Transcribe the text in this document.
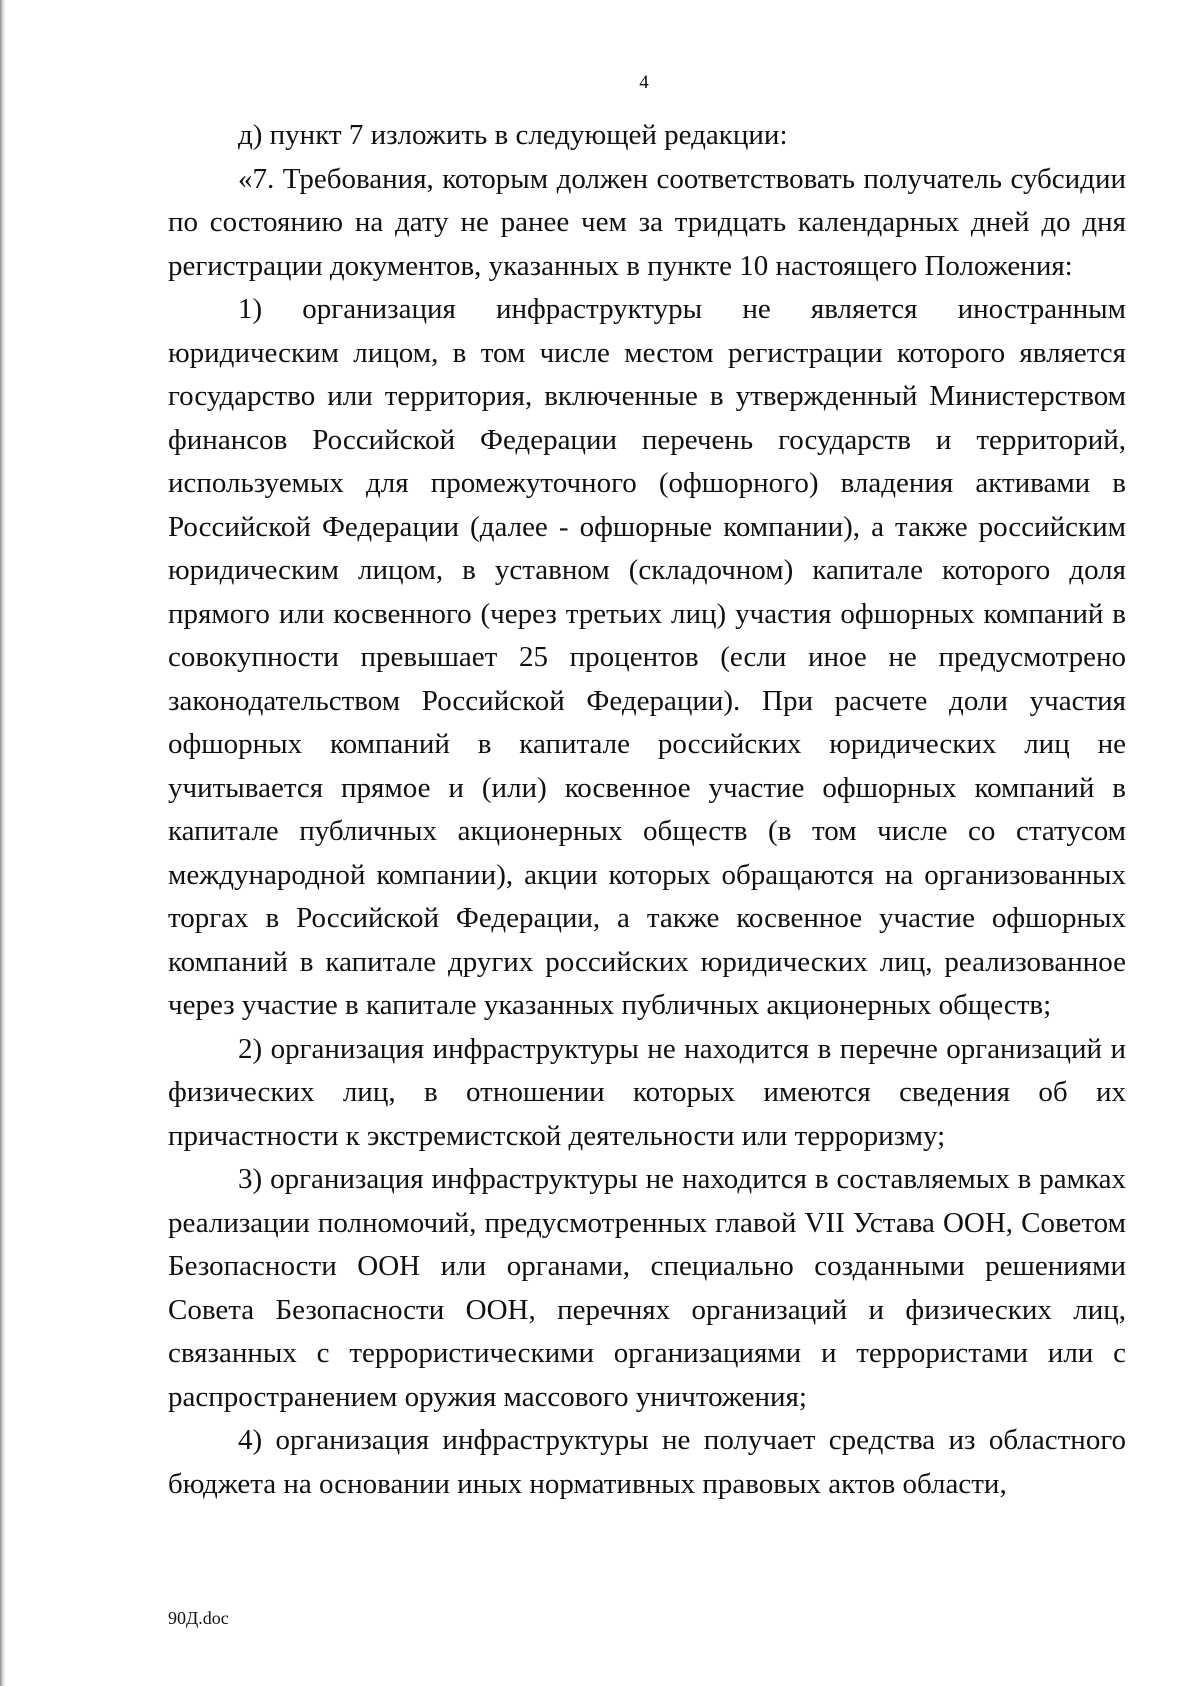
4

д) пункт 7 изложить в следующей редакции:

«7. Требования, которым должен соответствовать получатель субсидии по состоянию на дату не ранее чем за тридцать календарных дней до дня регистрации документов, указанных в пункте 10 настоящего Положения:

1) организация инфраструктуры не является иностранным юридическим лицом, в том числе местом регистрации которого является государство или территория, включенные в утвержденный Министерством финансов Российской Федерации перечень государств и территорий, используемых для промежуточного (офшорного) владения активами в Российской Федерации (далее - офшорные компании), а также российским юридическим лицом, в уставном (складочном) капитале которого доля прямого или косвенного (через третьих лиц) участия офшорных компаний в совокупности превышает 25 процентов (если иное не предусмотрено законодательством Российской Федерации). При расчете доли участия офшорных компаний в капитале российских юридических лиц не учитывается прямое и (или) косвенное участие офшорных компаний в капитале публичных акционерных обществ (в том числе со статусом международной компании), акции которых обращаются на организованных торгах в Российской Федерации, а также косвенное участие офшорных компаний в капитале других российских юридических лиц, реализованное через участие в капитале указанных публичных акционерных обществ;

2) организация инфраструктуры не находится в перечне организаций и физических лиц, в отношении которых имеются сведения об их причастности к экстремистской деятельности или терроризму;

3) организация инфраструктуры не находится в составляемых в рамках реализации полномочий, предусмотренных главой VII Устава ООН, Советом Безопасности ООН или органами, специально созданными решениями Совета Безопасности ООН, перечнях организаций и физических лиц, связанных с террористическими организациями и террористами или с распространением оружия массового уничтожения;

4) организация инфраструктуры не получает средства из областного бюджета на основании иных нормативных правовых актов области,

90Д.doc
